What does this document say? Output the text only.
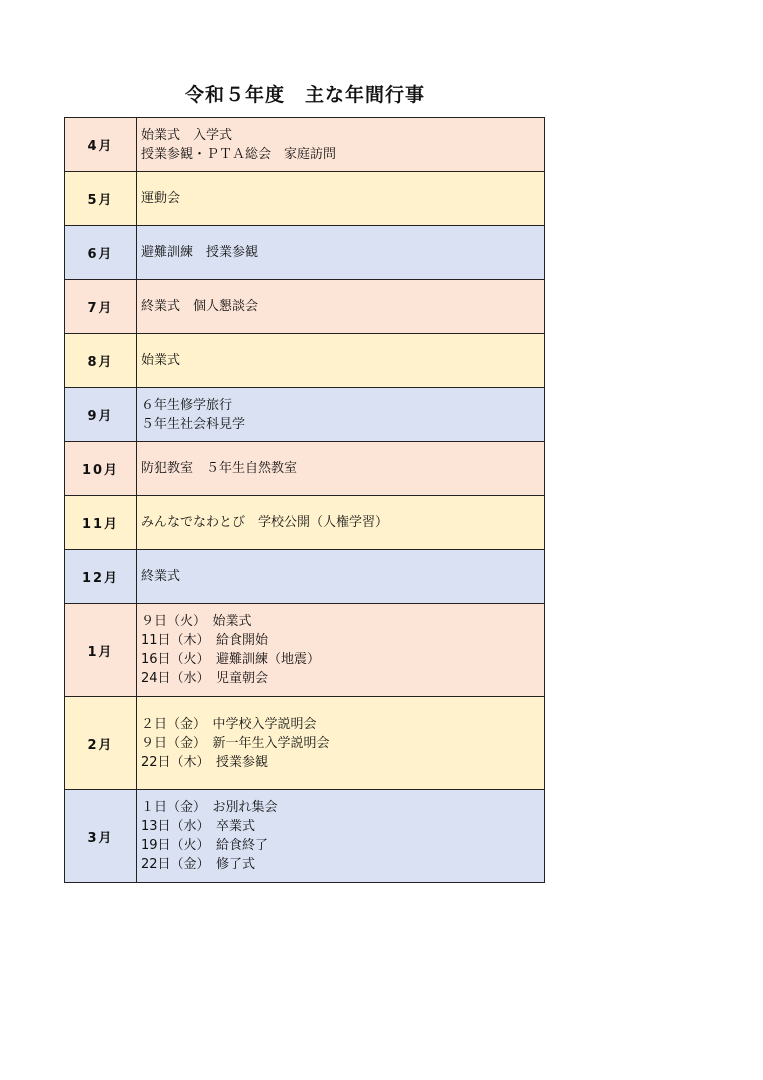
令和５年度　主な年間行事
4月	始業式　入学式
授業参観・ＰＴＡ総会　家庭訪問

5月	運動会

6月	避難訓練　授業参観

7月	終業式　個人懇談会

8月	始業式

9月	６年生修学旅行
５年生社会科見学

10月	防犯教室　５年生自然教室

11月	みんなでなわとび　学校公開（人権学習）

12月	終業式

1月	９日（火）　始業式
11日（木）　給食開始
16日（火）　避難訓練（地震）
24日（水）　児童朝会

2月	２日（金）　中学校入学説明会
９日（金）　新一年生入学説明会
22日（木）　授業参観

3月	１日（金）　お別れ集会
13日（水）　卒業式
19日（火）　給食終了
22日（金）　修了式
